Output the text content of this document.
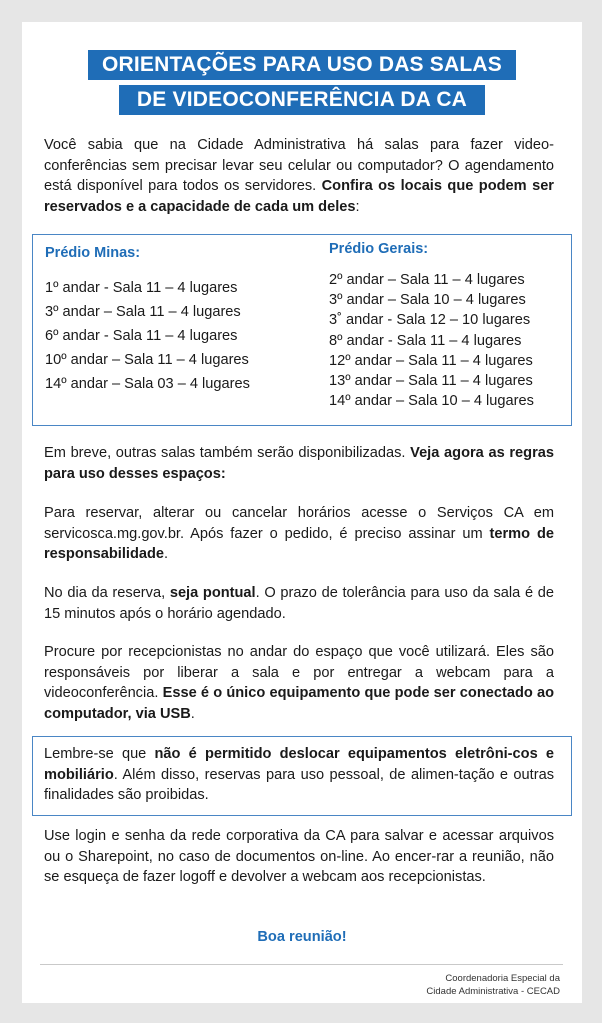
ORIENTAÇÕES PARA USO DAS SALAS
DE VIDEOCONFERÊNCIA DA CA
Você sabia que na Cidade Administrativa há salas para fazer video-conferências sem precisar levar seu celular ou computador? O agendamento está disponível para todos os servidores. Confira os locais que podem ser reservados e a capacidade de cada um deles:
Prédio Minas:
1º andar - Sala 11 – 4 lugares
3º andar – Sala 11 – 4 lugares
6º andar - Sala 11 – 4 lugares
10º andar – Sala 11 – 4 lugares
14º andar – Sala 03 – 4 lugares
Prédio Gerais:
2º andar – Sala 11 – 4 lugares
3º andar – Sala 10 – 4 lugares
3˚ andar - Sala 12 – 10 lugares
8º andar - Sala 11 – 4 lugares
12º andar – Sala 11 – 4 lugares
13º andar – Sala 11 – 4 lugares
14º andar – Sala 10 – 4 lugares
Em breve, outras salas também serão disponibilizadas. Veja agora as regras para uso desses espaços:
Para reservar, alterar ou cancelar horários acesse o Serviços CA em servicosca.mg.gov.br. Após fazer o pedido, é preciso assinar um termo de responsabilidade.
No dia da reserva, seja pontual. O prazo de tolerância para uso da sala é de 15 minutos após o horário agendado.
Procure por recepcionistas no andar do espaço que você utilizará. Eles são responsáveis por liberar a sala e por entregar a webcam para a videoconferência. Esse é o único equipamento que pode ser conectado ao computador, via USB.
Lembre-se que não é permitido deslocar equipamentos eletrôni-cos e mobiliário. Além disso, reservas para uso pessoal, de alimen-tação e outras finalidades são proibidas.
Use login e senha da rede corporativa da CA para salvar e acessar arquivos ou o Sharepoint, no caso de documentos on-line. Ao encer-rar a reunião, não se esqueça de fazer logoff e devolver a webcam aos recepcionistas.
Boa reunião!
Coordenadoria Especial da
Cidade Administrativa - CECAD
